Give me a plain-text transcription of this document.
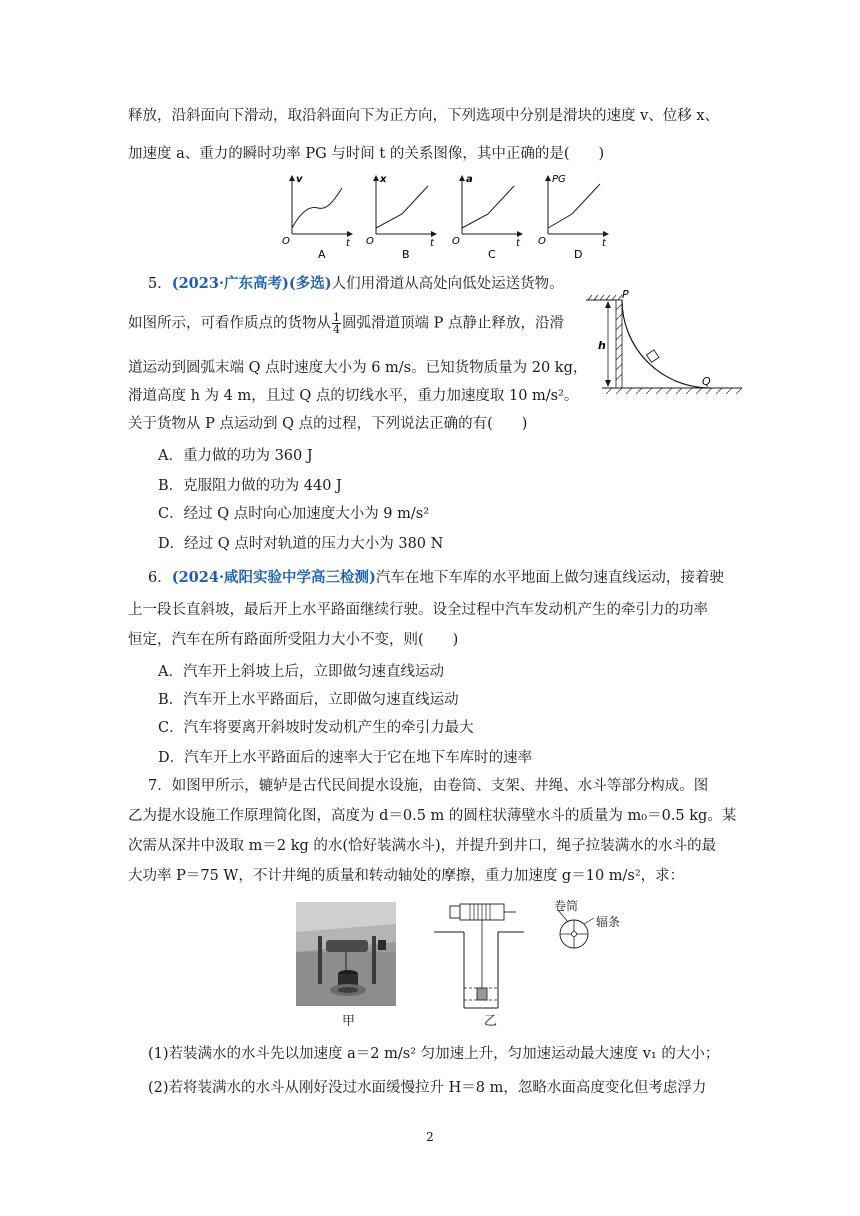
释放，沿斜面向下滑动，取沿斜面向下为正方向，下列选项中分别是滑块的速度 v、位移 x、
加速度 a、重力的瞬时功率 PG 与时间 t 的关系图像，其中正确的是(　　)
v
t
O
A
x
t
O
B
a
t
O
C
PG
t
O
D
5．(2023·广东高考)(多选)人们用滑道从高处向低处运送货物。
如图所示，可看作质点的货物从 $\frac{1}{4}$ 圆弧滑道顶端 P 点静止释放，沿滑
道运动到圆弧末端 Q 点时速度大小为 6 m/s。已知货物质量为 20 kg，
滑道高度 h 为 4 m，且过 Q 点的切线水平，重力加速度取 10 m/s²。
关于货物从 P 点运动到 Q 点的过程，下列说法正确的有(　　)
A．重力做的功为 360 J
B．克服阻力做的功为 440 J
C．经过 Q 点时向心加速度大小为 9 m/s²
D．经过 Q 点时对轨道的压力大小为 380 N
h
P
Q
6．(2024·咸阳实验中学高三检测)汽车在地下车库的水平地面上做匀速直线运动，接着驶
上一段长直斜坡，最后开上水平路面继续行驶。设全过程中汽车发动机产生的牵引力的功率
恒定，汽车在所有路面所受阻力大小不变，则(　　)
A．汽车开上斜坡上后，立即做匀速直线运动
B．汽车开上水平路面后，立即做匀速直线运动
C．汽车将要离开斜坡时发动机产生的牵引力最大
D．汽车开上水平路面后的速率大于它在地下车库时的速率
7．如图甲所示，辘轳是古代民间提水设施，由卷筒、支架、井绳、水斗等部分构成。图
乙为提水设施工作原理简化图，高度为 d＝0.5 m 的圆柱状薄壁水斗的质量为 m₀＝0.5 kg。某
次需从深井中汲取 m＝2 kg 的水(恰好装满水斗)，并提升到井口，绳子拉装满水的水斗的最
大功率 P＝75 W，不计井绳的质量和转动轴处的摩擦，重力加速度 g＝10 m/s²，求：
甲
卷筒
辐条
乙
(1)若装满水的水斗先以加速度 a＝2 m/s² 匀加速上升，匀加速运动最大速度 v₁ 的大小；
(2)若将装满水的水斗从刚好没过水面缓慢拉升 H＝8 m，忽略水面高度变化但考虑浮力
2
